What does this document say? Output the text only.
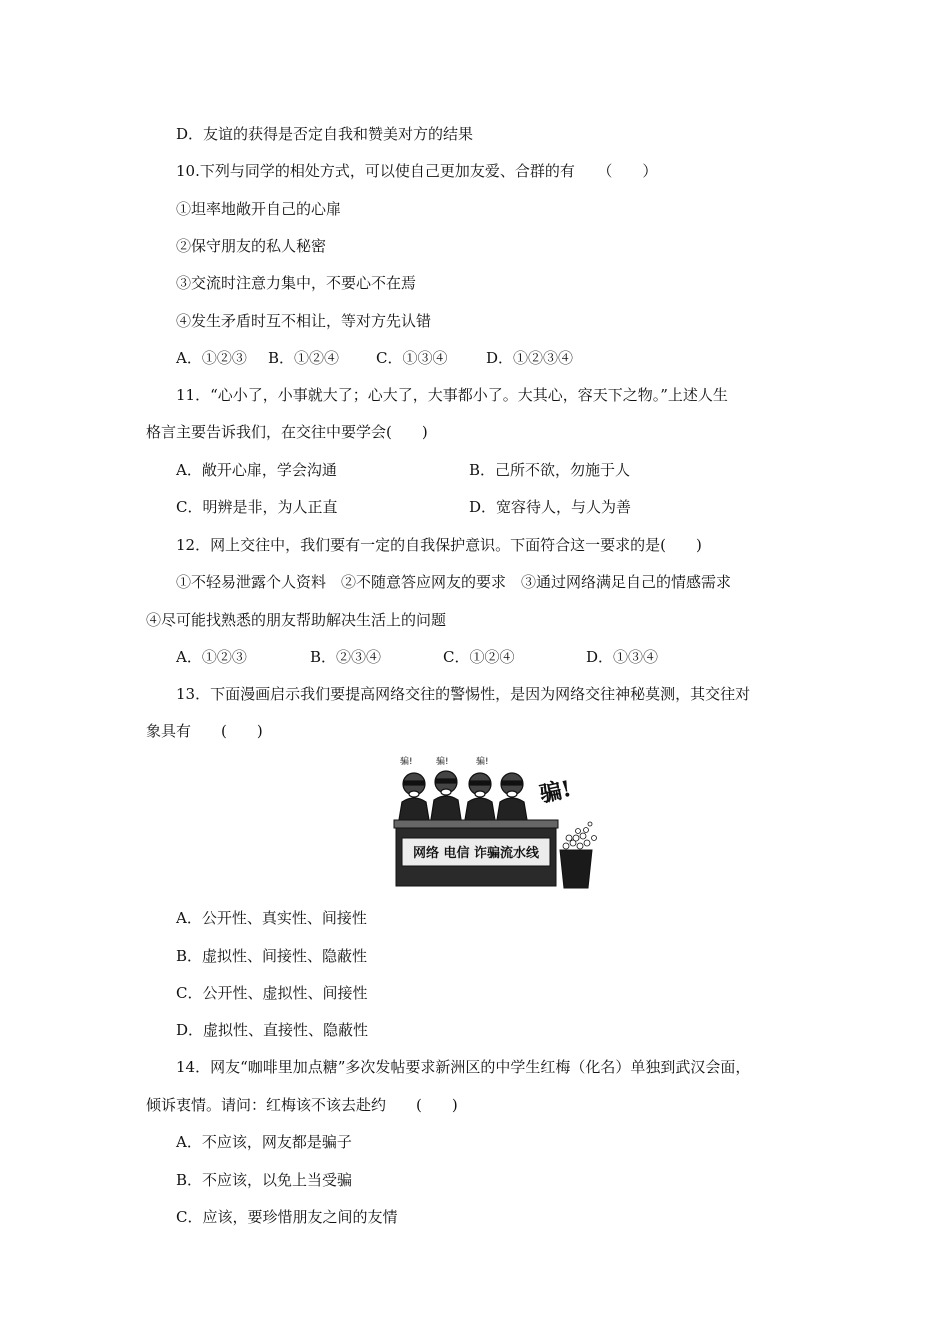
D．友谊的获得是否定自我和赞美对方的结果
10.下列与同学的相处方式，可以使自己更加友爱、合群的有　　（　　）
①坦率地敞开自己的心扉
②保守朋友的私人秘密
③交流时注意力集中，不要心不在焉
④发生矛盾时互不相让，等对方先认错
A．①②③ B．①②④ C．①③④	D．①②③④
11．“心小了，小事就大了；心大了，大事都小了。大其心，容天下之物。”上述人生
格言主要告诉我们，在交往中要学会(　　)
A．敞开心扉，学会沟通	B．己所不欲，勿施于人
C．明辨是非，为人正直	D．宽容待人，与人为善
12．网上交往中，我们要有一定的自我保护意识。下面符合这一要求的是(　　)
①不轻易泄露个人资料　②不随意答应网友的要求　③通过网络满足自己的情感需求
④尽可能找熟悉的朋友帮助解决生活上的问题
A．①②③	B．②③④	C．①②④	D．①③④
13．下面漫画启示我们要提高网络交往的警惕性，是因为网络交往神秘莫测，其交往对
象具有　　(　　)
骗!	骗!	骗!
骗!
网络 电信 诈骗流水线
A．公开性、真实性、间接性
B．虚拟性、间接性、隐蔽性
C．公开性、虚拟性、间接性
D．虚拟性、直接性、隐蔽性
14．网友“咖啡里加点糖”多次发帖要求新洲区的中学生红梅（化名）单独到武汉会面，
倾诉衷情。请问：红梅该不该去赴约　　(　　)
A．不应该，网友都是骗子
B．不应该，以免上当受骗
C．应该，要珍惜朋友之间的友情
